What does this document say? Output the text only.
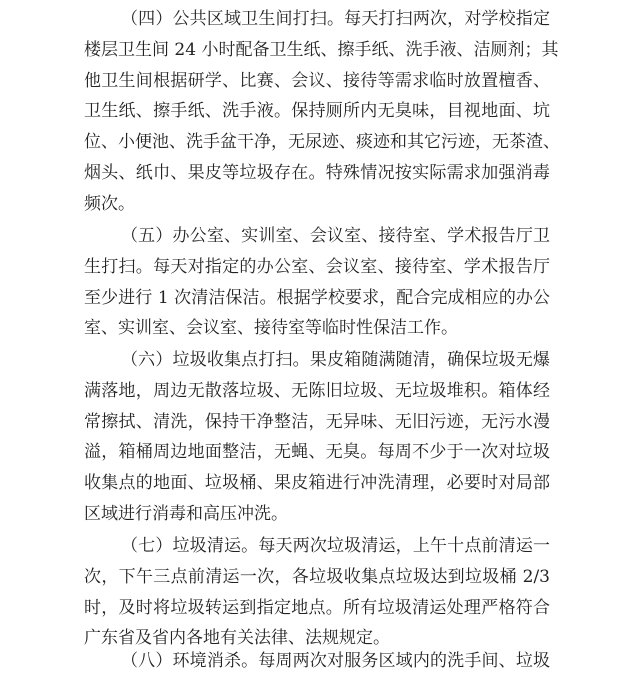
（四）公共区域卫生间打扫。每天打扫两次，对学校指定
楼层卫生间 24 小时配备卫生纸、擦手纸、洗手液、洁厕剂；其
他卫生间根据研学、比赛、会议、接待等需求临时放置檀香、
卫生纸、擦手纸、洗手液。保持厕所内无臭味，目视地面、坑
位、小便池、洗手盆干净，无尿迹、痰迹和其它污迹，无茶渣、
烟头、纸巾、果皮等垃圾存在。特殊情况按实际需求加强消毒
频次。
（五）办公室、实训室、会议室、接待室、学术报告厅卫
生打扫。每天对指定的办公室、会议室、接待室、学术报告厅
至少进行 1 次清洁保洁。根据学校要求，配合完成相应的办公
室、实训室、会议室、接待室等临时性保洁工作。
（六）垃圾收集点打扫。果皮箱随满随清，确保垃圾无爆
满落地，周边无散落垃圾、无陈旧垃圾、无垃圾堆积。箱体经
常擦拭、清洗，保持干净整洁，无异味、无旧污迹，无污水漫
溢，箱桶周边地面整洁，无蝇、无臭。每周不少于一次对垃圾
收集点的地面、垃圾桶、果皮箱进行冲洗清理，必要时对局部
区域进行消毒和高压冲洗。
（七）垃圾清运。每天两次垃圾清运，上午十点前清运一
次，下午三点前清运一次，各垃圾收集点垃圾达到垃圾桶 2/3
时，及时将垃圾转运到指定地点。所有垃圾清运处理严格符合
广东省及省内各地有关法律、法规规定。
（八）环境消杀。每周两次对服务区域内的洗手间、垃圾
